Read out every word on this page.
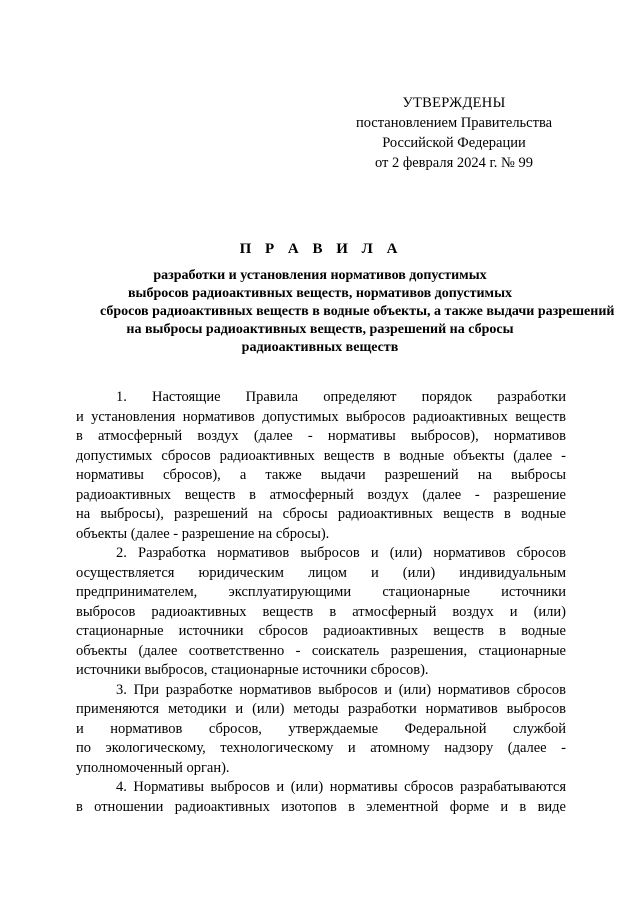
УТВЕРЖДЕНЫ
постановлением Правительства
Российской Федерации
от 2 февраля 2024 г. № 99
П Р А В И Л А
разработки и установления нормативов допустимых
выбросов радиоактивных веществ, нормативов допустимых
сбросов радиоактивных веществ в водные объекты, а также выдачи разрешений
на выбросы радиоактивных веществ, разрешений на сбросы
радиоактивных веществ

1. Настоящие Правила определяют порядок разработки
и установления нормативов допустимых выбросов радиоактивных веществ
в атмосферный воздух (далее - нормативы выбросов), нормативов
допустимых сбросов радиоактивных веществ в водные объекты (далее -
нормативы сбросов), а также выдачи разрешений на выбросы
радиоактивных веществ в атмосферный воздух (далее - разрешение
на выбросы), разрешений на сбросы радиоактивных веществ в водные
объекты (далее - разрешение на сбросы).

2. Разработка нормативов выбросов и (или) нормативов сбросов
осуществляется юридическим лицом и (или) индивидуальным
предпринимателем, эксплуатирующими стационарные источники
выбросов радиоактивных веществ в атмосферный воздух и (или)
стационарные источники сбросов радиоактивных веществ в водные
объекты (далее соответственно - соискатель разрешения, стационарные
источники выбросов, стационарные источники сбросов).

3. При разработке нормативов выбросов и (или) нормативов сбросов
применяются методики и (или) методы разработки нормативов выбросов
и нормативов сбросов, утверждаемые Федеральной службой
по экологическому, технологическому и атомному надзору (далее -
уполномоченный орган).

4. Нормативы выбросов и (или) нормативы сбросов разрабатываются
в отношении радиоактивных изотопов в элементной форме и в виде
